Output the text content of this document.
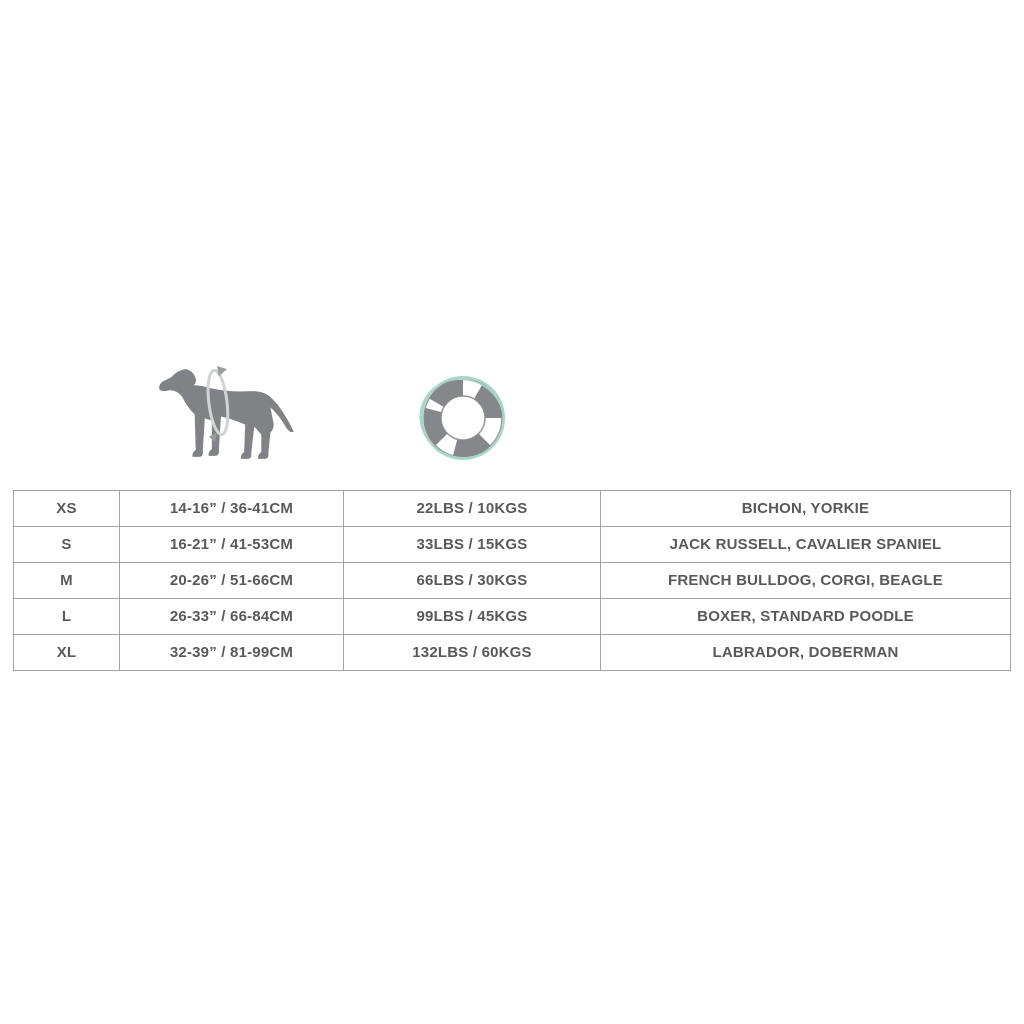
XS	14-16” / 36-41CM	22LBS / 10KGS	BICHON, YORKIE
S	16-21” / 41-53CM	33LBS / 15KGS	JACK RUSSELL, CAVALIER SPANIEL
M	20-26” / 51-66CM	66LBS / 30KGS	FRENCH BULLDOG, CORGI, BEAGLE
L	26-33” / 66-84CM	99LBS / 45KGS	BOXER, STANDARD POODLE
XL	32-39” / 81-99CM	132LBS / 60KGS	LABRADOR, DOBERMAN
